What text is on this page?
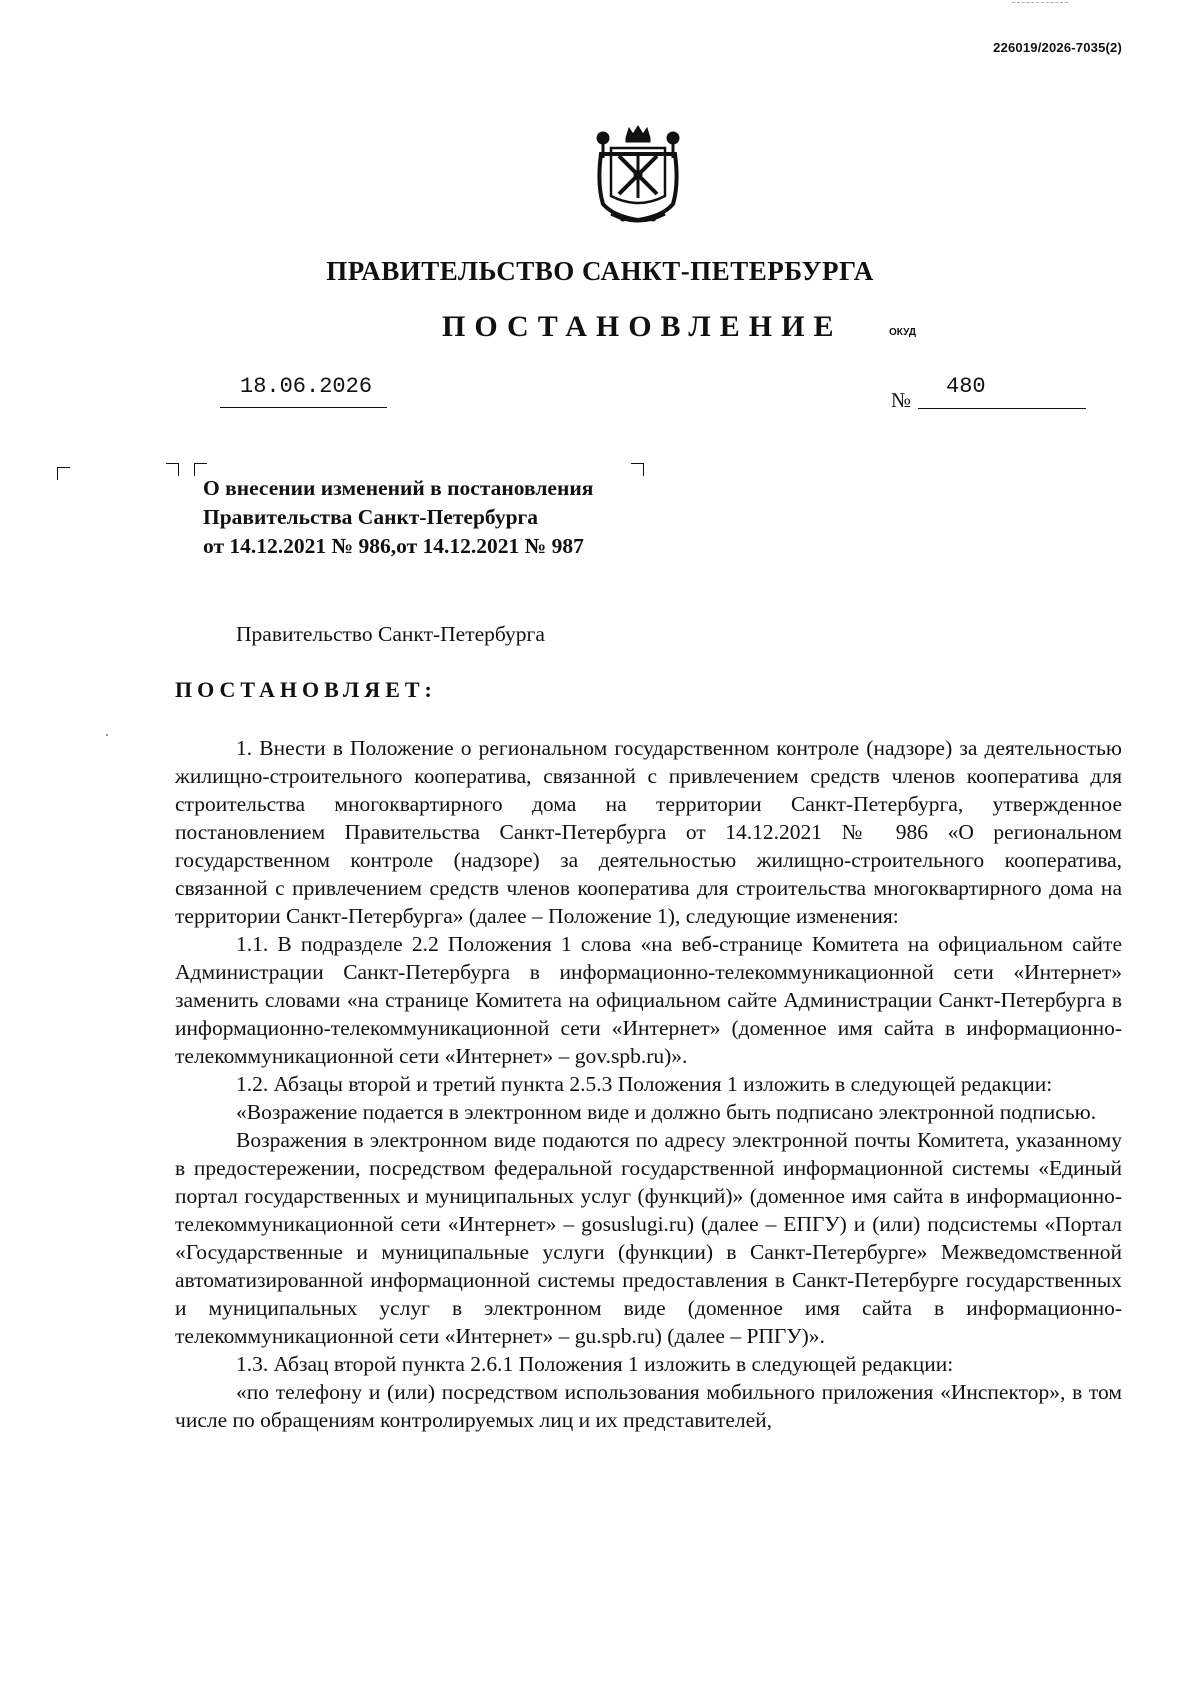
226019/2026-7035(2)
ПРАВИТЕЛЬСТВО САНКТ-ПЕТЕРБУРГА
ПОСТАНОВЛЕНИЕ	ОКУД
18.06.2026
№
480
О внесении изменений в постановления
Правительства Санкт-Петербурга
от 14.12.2021 № 986,от 14.12.2021 № 987
Правительство Санкт-Петербурга
ПОСТАНОВЛЯЕТ:

1. Внести в Положение о региональном государственном контроле (надзоре) за деятельностью жилищно-строительного кооператива, связанной с привлечением средств членов кооператива для строительства многоквартирного дома на территории Санкт-Петербурга, утвержденное постановлением Правительства Санкт-Петербурга от 14.12.2021 № 986 «О региональном государственном контроле (надзоре) за деятельностью жилищно-строительного кооператива, связанной с привлечением средств членов кооператива для строительства многоквартирного дома на территории Санкт-Петербурга» (далее – Положение 1), следующие изменения:

1.1. В подразделе 2.2 Положения 1 слова «на веб-странице Комитета на официальном сайте Администрации Санкт-Петербурга в информационно-телекоммуникационной сети «Интернет» заменить словами «на странице Комитета на официальном сайте Администрации Санкт-Петербурга в информационно-телекоммуникационной сети «Интернет» (доменное имя сайта в информационно-телекоммуникационной сети «Интернет» – gov.spb.ru)».

1.2. Абзацы второй и третий пункта 2.5.3 Положения 1 изложить в следующей редакции:

«Возражение подается в электронном виде и должно быть подписано электронной подписью.

Возражения в электронном виде подаются по адресу электронной почты Комитета, указанному в предостережении, посредством федеральной государственной информационной системы «Единый портал государственных и муниципальных услуг (функций)» (доменное имя сайта в информационно-телекоммуникационной сети «Интернет» – gosuslugi.ru) (далее – ЕПГУ) и (или) подсистемы «Портал «Государственные и муниципальные услуги (функции) в Санкт-Петербурге» Межведомственной автоматизированной информационной системы предоставления в Санкт-Петербурге государственных и муниципальных услуг в электронном виде (доменное имя сайта в информационно-телекоммуникационной сети «Интернет» – gu.spb.ru) (далее – РПГУ)».

1.3. Абзац второй пункта 2.6.1 Положения 1 изложить в следующей редакции:

«по телефону и (или) посредством использования мобильного приложения «Инспектор», в том числе по обращениям контролируемых лиц и их представителей,
